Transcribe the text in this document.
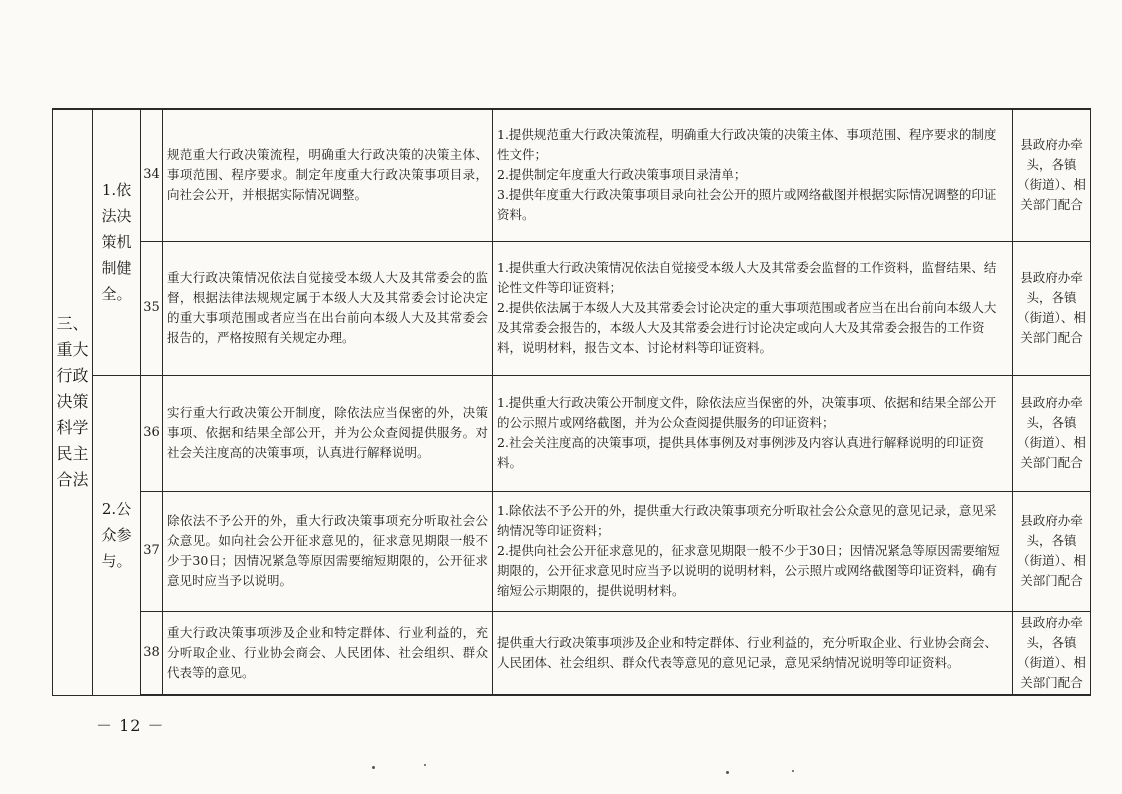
三、重大行政决策科学民主合法	1.依法决策机制健全。	34	规范重大行政决策流程，明确重大行政决策的决策主体、事项范围、程序要求。制定年度重大行政决策事项目录，向社会公开，并根据实际情况调整。	1.提供规范重大行政决策流程，明确重大行政决策的决策主体、事项范围、程序要求的制度性文件；
2.提供制定年度重大行政决策事项目录清单；
3.提供年度重大行政决策事项目录向社会公开的照片或网络截图并根据实际情况调整的印证资料。	县政府办牵头，各镇（街道）、相关部门配合
		35	重大行政决策情况依法自觉接受本级人大及其常委会的监督，根据法律法规规定属于本级人大及其常委会讨论决定的重大事项范围或者应当在出台前向本级人大及其常委会报告的，严格按照有关规定办理。	1.提供重大行政决策情况依法自觉接受本级人大及其常委会监督的工作资料，监督结果、结论性文件等印证资料；
2.提供依法属于本级人大及其常委会讨论决定的重大事项范围或者应当在出台前向本级人大及其常委会报告的，本级人大及其常委会进行讨论决定或向人大及其常委会报告的工作资料，说明材料，报告文本、讨论材料等印证资料。	县政府办牵头，各镇（街道）、相关部门配合
	2.公众参与。	36	实行重大行政决策公开制度，除依法应当保密的外，决策事项、依据和结果全部公开，并为公众查阅提供服务。对社会关注度高的决策事项，认真进行解释说明。	1.提供重大行政决策公开制度文件，除依法应当保密的外，决策事项、依据和结果全部公开的公示照片或网络截图，并为公众查阅提供服务的印证资料；
2.社会关注度高的决策事项，提供具体事例及对事例涉及内容认真进行解释说明的印证资料。	县政府办牵头，各镇（街道）、相关部门配合
		37	除依法不予公开的外，重大行政决策事项充分听取社会公众意见。如向社会公开征求意见的，征求意见期限一般不少于30日；因情况紧急等原因需要缩短期限的，公开征求意见时应当予以说明。	1.除依法不予公开的外，提供重大行政决策事项充分听取社会公众意见的意见记录，意见采纳情况等印证资料；
2.提供向社会公开征求意见的，征求意见期限一般不少于30日；因情况紧急等原因需要缩短期限的，公开征求意见时应当予以说明的说明材料，公示照片或网络截图等印证资料，确有缩短公示期限的，提供说明材料。	县政府办牵头，各镇（街道）、相关部门配合
		38	重大行政决策事项涉及企业和特定群体、行业利益的，充分听取企业、行业协会商会、人民团体、社会组织、群众代表等的意见。	提供重大行政决策事项涉及企业和特定群体、行业利益的，充分听取企业、行业协会商会、人民团体、社会组织、群众代表等意见的意见记录，意见采纳情况说明等印证资料。	县政府办牵头，各镇（街道）、相关部门配合
－ 12 －
